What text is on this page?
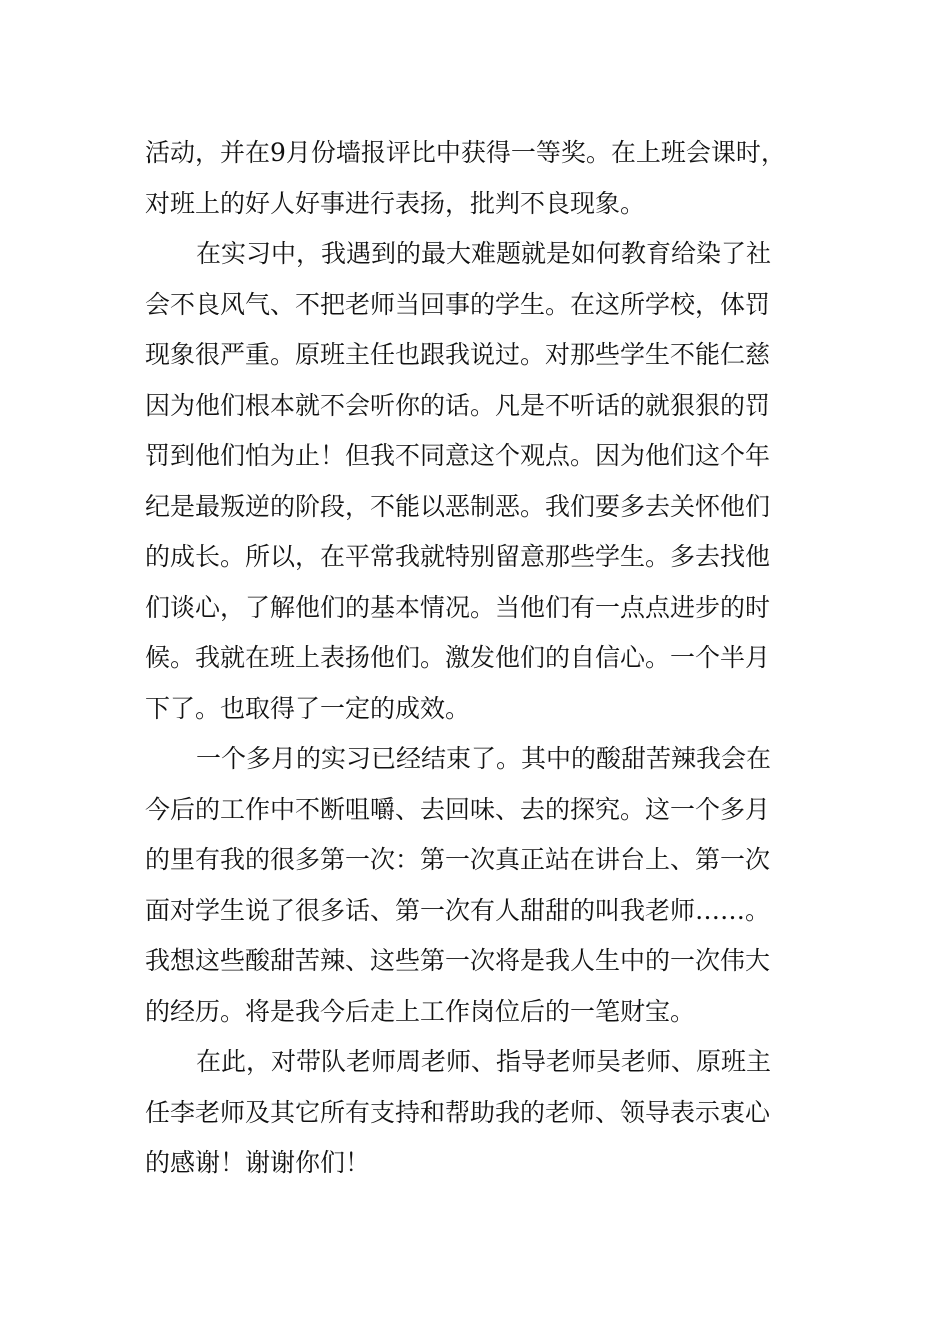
活动，并在9月份墙报评比中获得一等奖。在上班会课时，
对班上的好人好事进行表扬，批判不良现象。
在实习中，我遇到的最大难题就是如何教育给染了社
会不良风气、不把老师当回事的学生。在这所学校，体罚
现象很严重。原班主任也跟我说过。对那些学生不能仁慈
因为他们根本就不会听你的话。凡是不听话的就狠狠的罚
罚到他们怕为止！但我不同意这个观点。因为他们这个年
纪是最叛逆的阶段，不能以恶制恶。我们要多去关怀他们
的成长。所以，在平常我就特别留意那些学生。多去找他
们谈心，了解他们的基本情况。当他们有一点点进步的时
候。我就在班上表扬他们。激发他们的自信心。一个半月
下了。也取得了一定的成效。
一个多月的实习已经结束了。其中的酸甜苦辣我会在
今后的工作中不断咀嚼、去回味、去的探究。这一个多月
的里有我的很多第一次：第一次真正站在讲台上、第一次
面对学生说了很多话、第一次有人甜甜的叫我老师……。
我想这些酸甜苦辣、这些第一次将是我人生中的一次伟大
的经历。将是我今后走上工作岗位后的一笔财宝。
在此，对带队老师周老师、指导老师吴老师、原班主
任李老师及其它所有支持和帮助我的老师、领导表示衷心
的感谢！谢谢你们！
